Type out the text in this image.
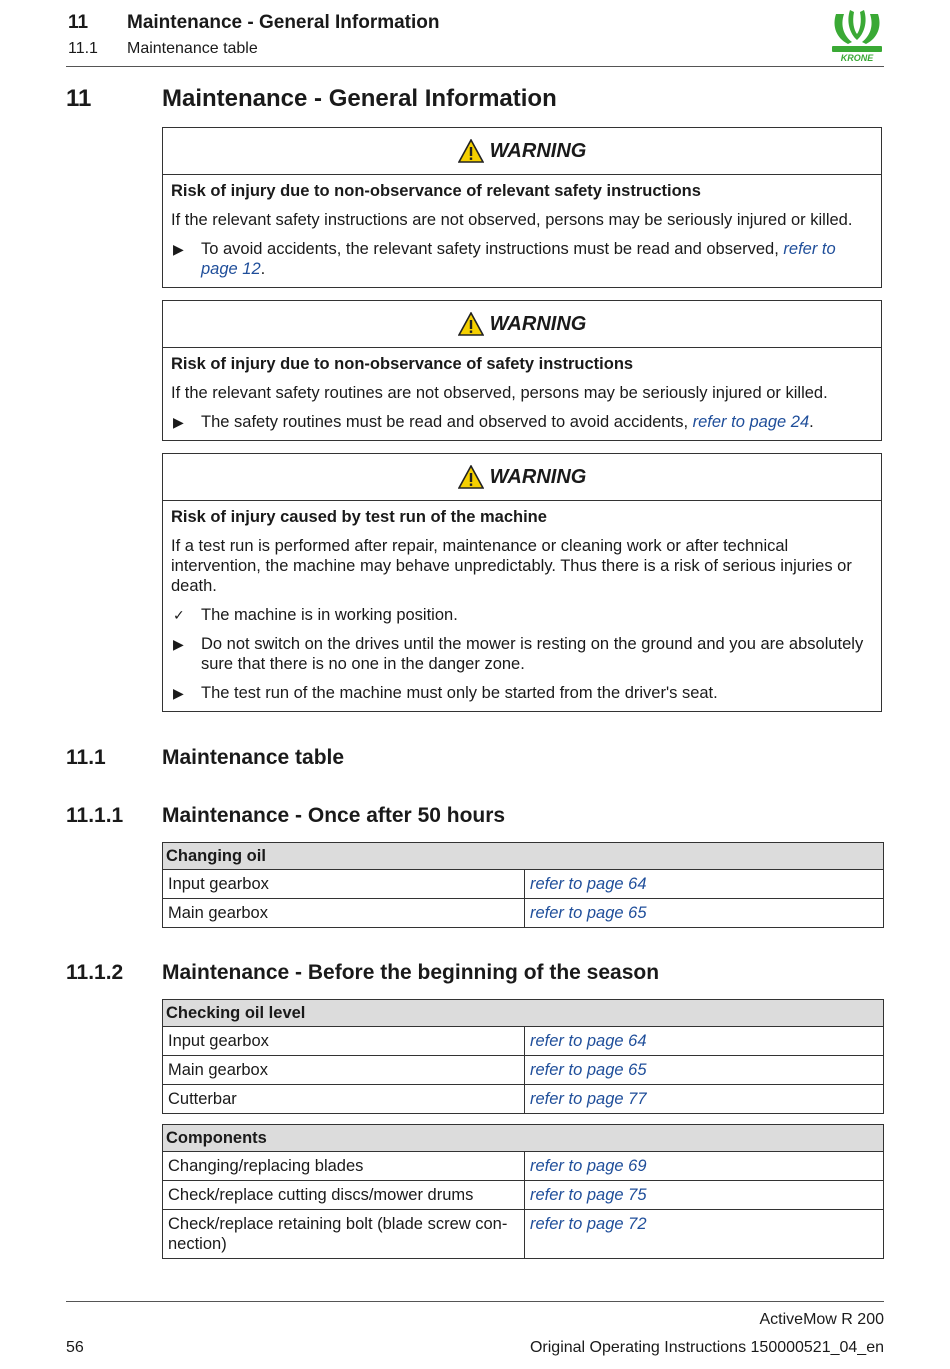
11 Maintenance - General Information
11.1 Maintenance table
KRONE
11	Maintenance - General Information
WARNING
Risk of injury due to non-observance of relevant safety instructions
If the relevant safety instructions are not observed, persons may be seriously injured or killed.
▶ To avoid accidents, the relevant safety instructions must be read and observed, refer to page 12.
WARNING
Risk of injury due to non-observance of safety instructions
If the relevant safety routines are not observed, persons may be seriously injured or killed.
▶ The safety routines must be read and observed to avoid accidents, refer to page 24.
WARNING
Risk of injury caused by test run of the machine
If a test run is performed after repair, maintenance or cleaning work or after technical intervention, the machine may behave unpredictably. Thus there is a risk of serious injuries or death.
✓ The machine is in working position.
▶ Do not switch on the drives until the mower is resting on the ground and you are absolutely sure that there is no one in the danger zone.
▶ The test run of the machine must only be started from the driver's seat.
11.1	Maintenance table
11.1.1 Maintenance - Once after 50 hours
Changing oil	
Input gearbox	refer to page 64
Main gearbox	refer to page 65
11.1.2 Maintenance - Before the beginning of the season
Checking oil level	
Input gearbox	refer to page 64
Main gearbox	refer to page 65
Cutterbar	refer to page 77
Components	
Changing/replacing blades	refer to page 69
Check/replace cutting discs/mower drums	refer to page 75
Check/replace retaining bolt (blade screw con-nection)	refer to page 72
ActiveMow R 200
56	Original Operating Instructions 150000521_04_en
